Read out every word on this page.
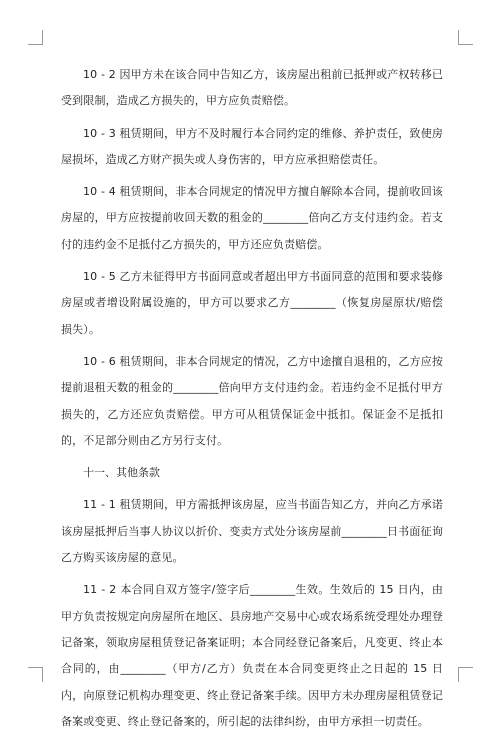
10 - 2 因甲方未在该合同中告知乙方，该房屋出租前已抵押或产权转移已受到限制，造成乙方损失的，甲方应负责赔偿。

10 - 3 租赁期间，甲方不及时履行本合同约定的维修、养护责任，致使房屋损坏，造成乙方财产损失或人身伤害的，甲方应承担赔偿责任。

10 - 4 租赁期间，非本合同规定的情况甲方擅自解除本合同，提前收回该房屋的，甲方应按提前收回天数的租金的________倍向乙方支付违约金。若支付的违约金不足抵付乙方损失的，甲方还应负责赔偿。

10 - 5 乙方未征得甲方书面同意或者超出甲方书面同意的范围和要求装修房屋或者增设附属设施的，甲方可以要求乙方________（恢复房屋原状/赔偿损失）。

10 - 6 租赁期间，非本合同规定的情况，乙方中途擅自退租的，乙方应按提前退租天数的租金的________倍向甲方支付违约金。若违约金不足抵付甲方损失的，乙方还应负责赔偿。甲方可从租赁保证金中抵扣。保证金不足抵扣的，不足部分则由乙方另行支付。

十一、其他条款

11 - 1 租赁期间，甲方需抵押该房屋，应当书面告知乙方，并向乙方承诺该房屋抵押后当事人协议以折价、变卖方式处分该房屋前________日书面征询乙方购买该房屋的意见。

11 - 2 本合同自双方签字/签字后________生效。生效后的 15 日内，由甲方负责按规定向房屋所在地区、县房地产交易中心或农场系统受理处办理登记备案，领取房屋租赁登记备案证明；本合同经登记备案后，凡变更、终止本合同的，由________（甲方/乙方）负责在本合同变更终止之日起的 15 日内，向原登记机构办理变更、终止登记备案手续。因甲方未办理房屋租赁登记备案或变更、终止登记备案的，所引起的法律纠纷，由甲方承担一切责任。
